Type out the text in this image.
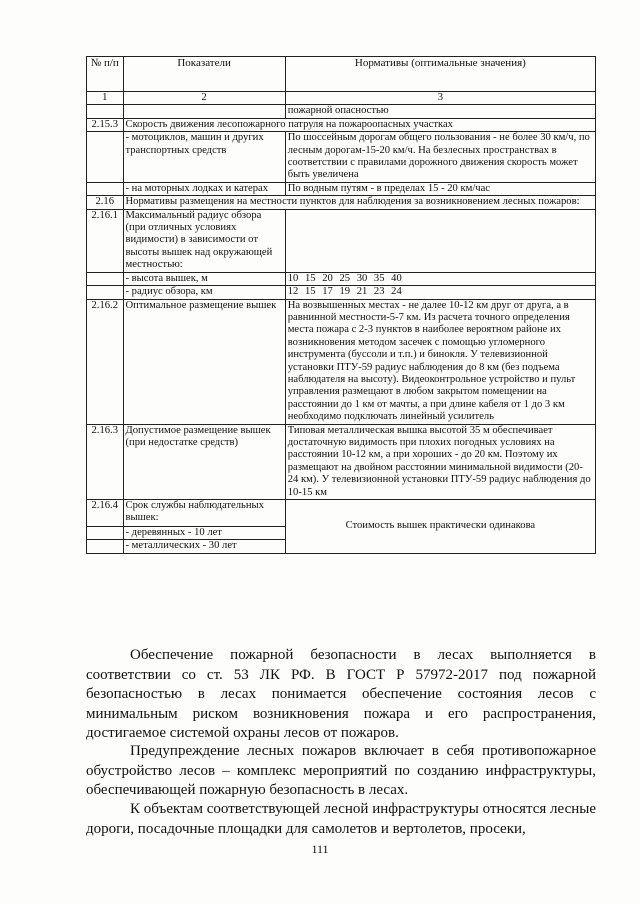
№ п/п	Показатели	Нормативы (оптимальные значения)
1	2	3
		пожарной опасностью
2.15.3	Скорость движения лесопожарного патруля на пожароопасных участках	
	- мотоциклов, машин и других транспортных средств	По шоссейным дорогам общего пользования - не более 30 км/ч, по лесным дорогам-15-20 км/ч. На безлесных пространствах в соответствии с правилами дорожного движения скорость может быть увеличена
	- на моторных лодках и катерах	По водным путям - в пределах 15 - 20 км/час
2.16	Нормативы размещения на местности пунктов для наблюдения за возникновением лесных пожаров:	
2.16.1	Максимальный радиус обзора (при отличных условиях видимости) в зависимости от высоты вышек над окружающей местностью:	
	- высота вышек, м	10 15 20 25 30 35 40
	- радиус обзора, км	12 15 17 19 21 23 24
2.16.2	Оптимальное размещение вышек	На возвышенных местах - не далее 10-12 км друг от друга, а в равнинной местности-5-7 км. Из расчета точного определения места пожара с 2-3 пунктов в наиболее вероятном районе их возникновения методом засечек с помощью угломерного инструмента (буссоли и т.п.) и бинокля. У телевизионной установки ПТУ-59 радиус наблюдения до 8 км (без подъема наблюдателя на высоту). Видеоконтрольное устройство и пульт управления размещают в любом закрытом помещении на расстоянии до 1 км от мачты, а при длине кабеля от 1 до 3 км необходимо подключать линейный усилитель
2.16.3	Допустимое размещение вышек (при недостатке средств)	Типовая металлическая вышка высотой 35 м обеспечивает достаточную видимость при плохих погодных условиях на расстоянии 10-12 км, а при хороших - до 20 км. Поэтому их размещают на двойном расстоянии минимальной видимости (20-24 км). У телевизионной установки ПТУ-59 радиус наблюдения до 10-15 км
2.16.4	Срок службы наблюдательных вышек:	Стоимость вышек практически одинакова
	- деревянных - 10 лет	
	- металлических - 30 лет	

Обеспечение пожарной безопасности в лесах выполняется в соответствии со ст. 53 ЛК РФ. В ГОСТ Р 57972-2017 под пожарной безопасностью в лесах понимается обеспечение состояния лесов с минимальным риском возникновения пожара и его распространения, достигаемое системой охраны лесов от пожаров.

Предупреждение лесных пожаров включает в себя противопожарное обустройство лесов – комплекс мероприятий по созданию инфраструктуры, обеспечивающей пожарную безопасность в лесах.

К объектам соответствующей лесной инфраструктуры относятся лесные дороги, посадочные площадки для самолетов и вертолетов, просеки,

111
